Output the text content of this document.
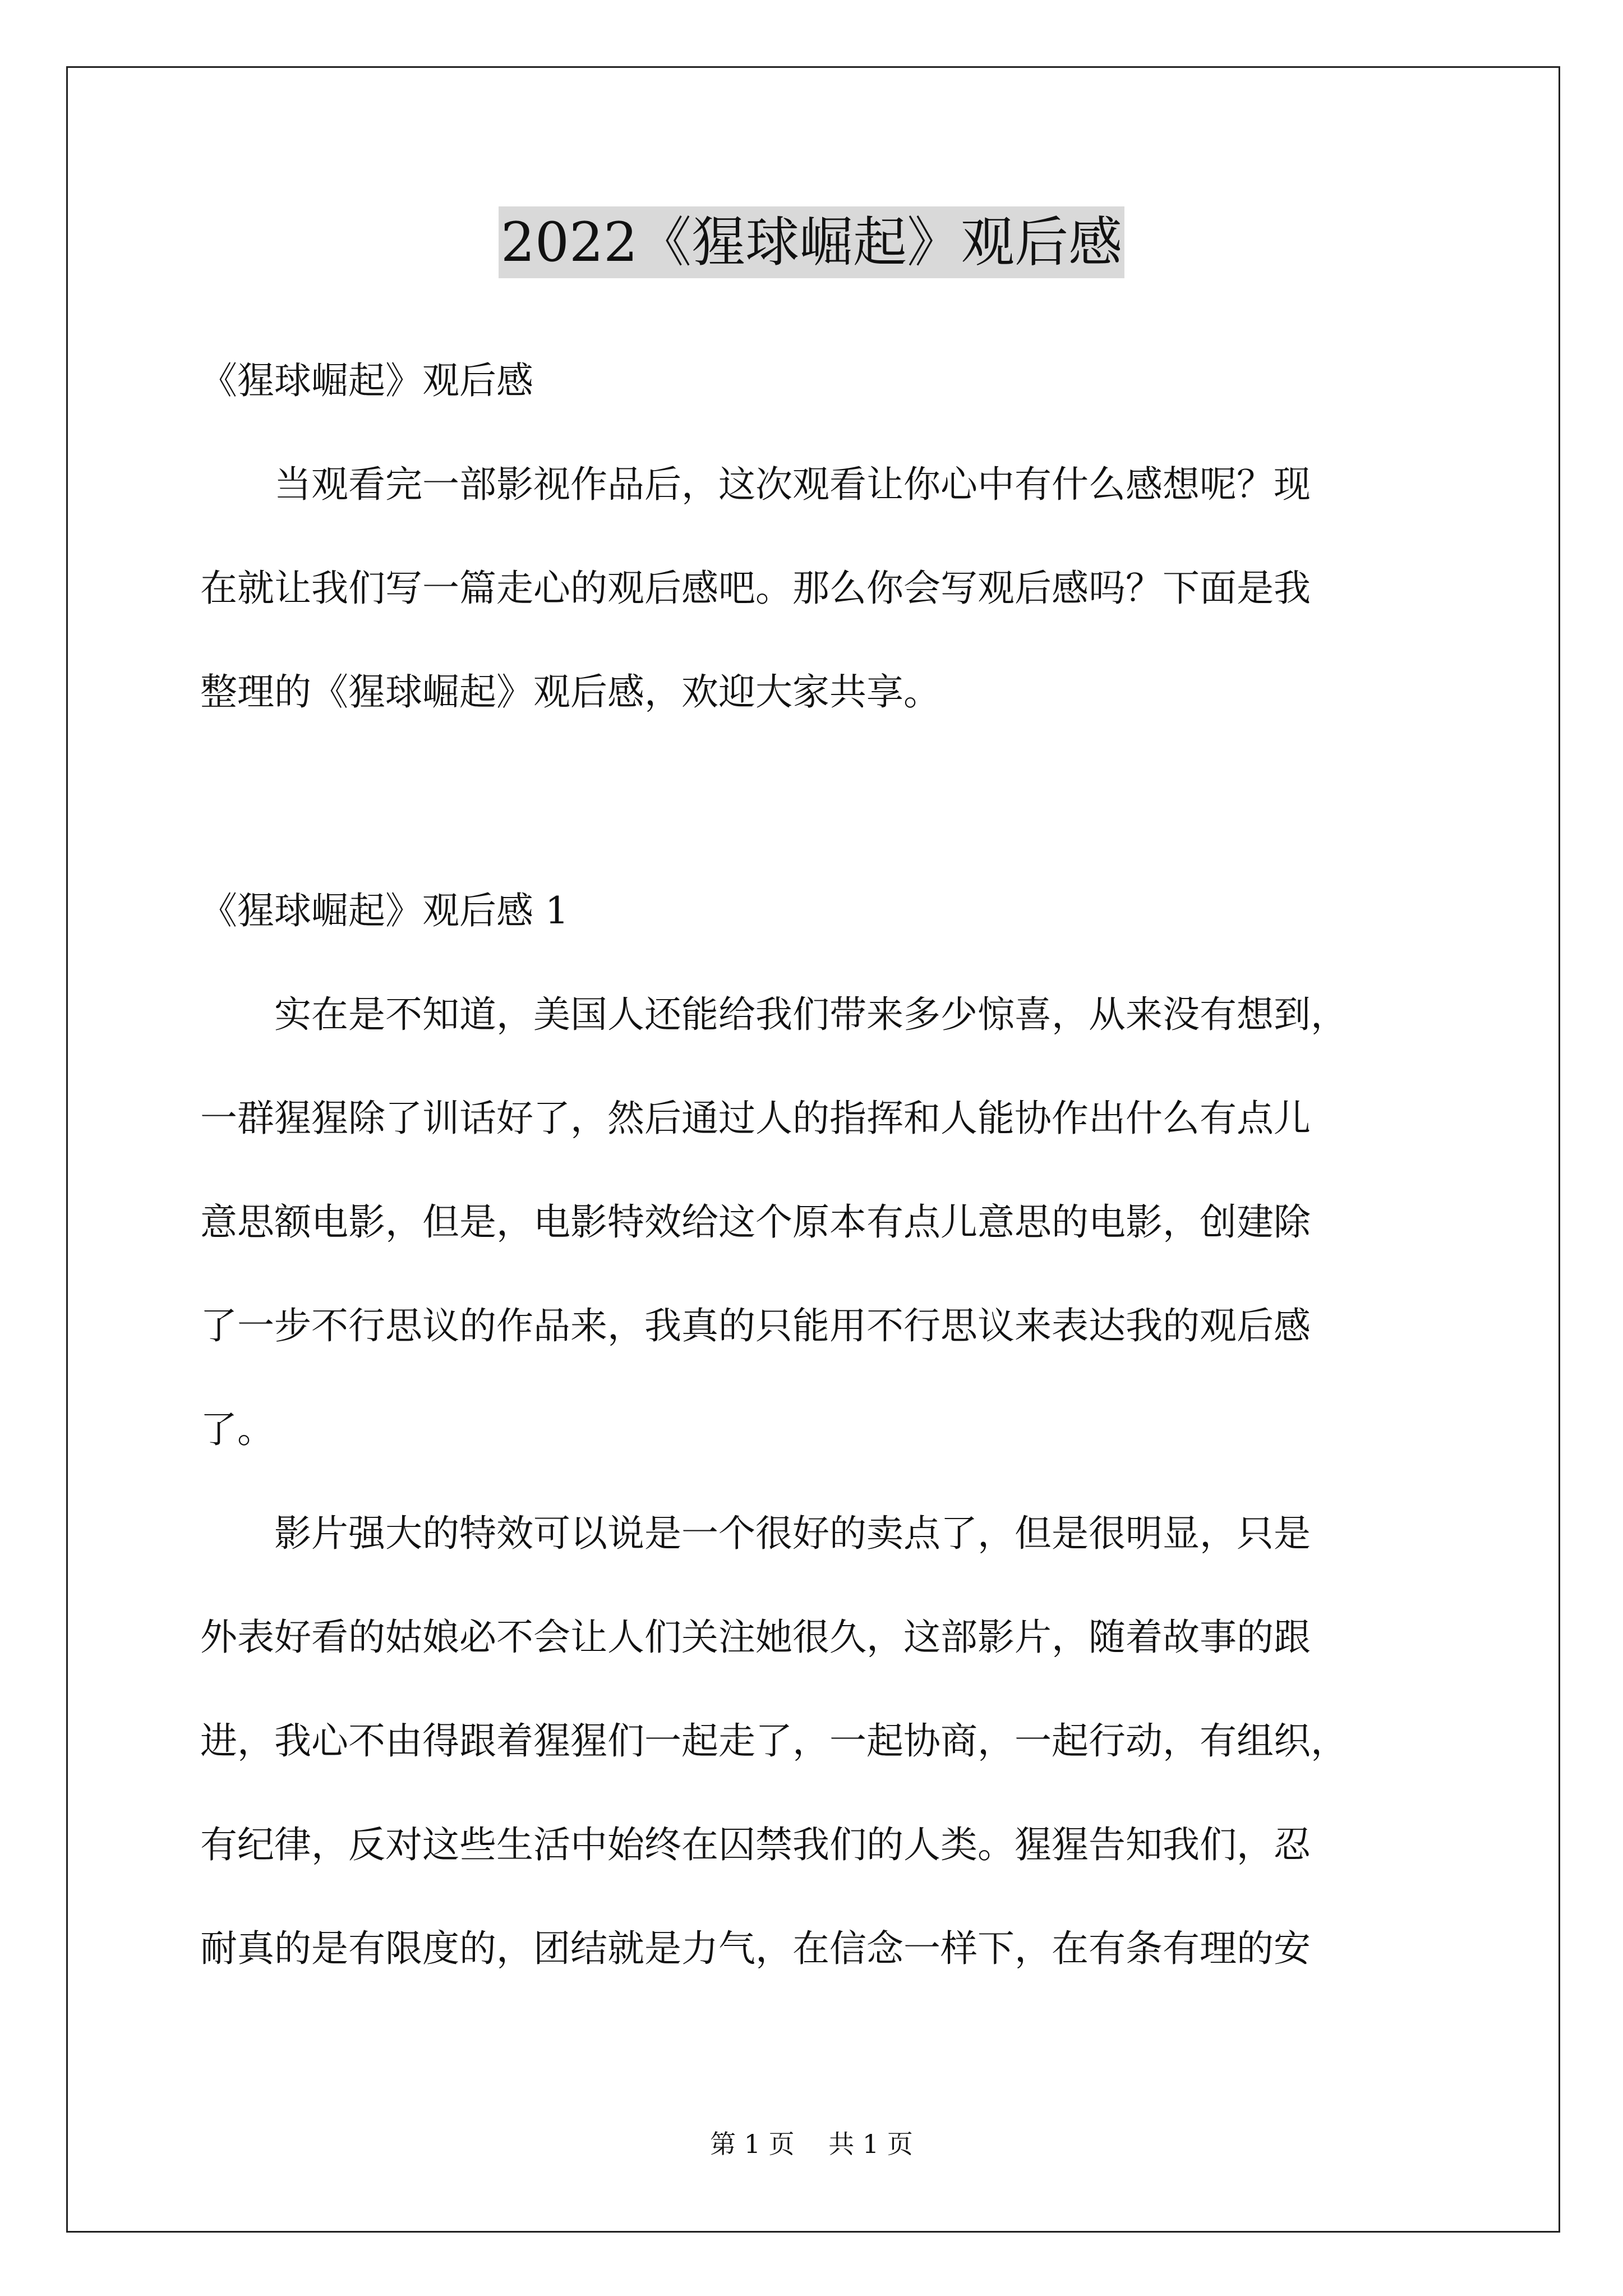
2022《猩球崛起》观后感
《猩球崛起》观后感
　　当观看完一部影视作品后，这次观看让你心中有什么感想呢？现
在就让我们写一篇走心的观后感吧。那么你会写观后感吗？下面是我
整理的《猩球崛起》观后感，欢迎大家共享。
《猩球崛起》观后感 1
　　实在是不知道，美国人还能给我们带来多少惊喜，从来没有想到，
一群猩猩除了训话好了，然后通过人的指挥和人能协作出什么有点儿
意思额电影，但是，电影特效给这个原本有点儿意思的电影，创建除
了一步不行思议的作品来，我真的只能用不行思议来表达我的观后感
了。
　　影片强大的特效可以说是一个很好的卖点了，但是很明显，只是
外表好看的姑娘必不会让人们关注她很久，这部影片，随着故事的跟
进，我心不由得跟着猩猩们一起走了，一起协商，一起行动，有组织，
有纪律，反对这些生活中始终在囚禁我们的人类。猩猩告知我们，忍
耐真的是有限度的，团结就是力气，在信念一样下，在有条有理的安
第 1 页　 共 1 页
